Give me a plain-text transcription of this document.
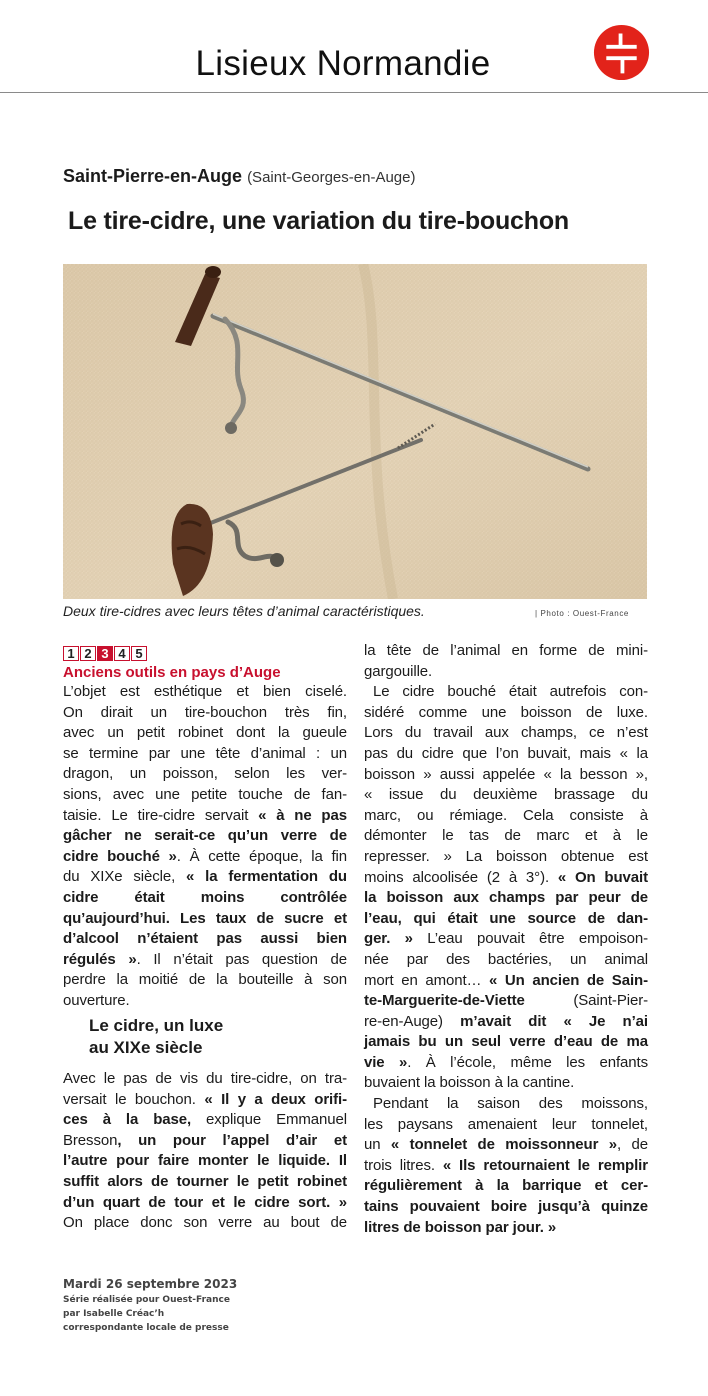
Lisieux Normandie
Saint-Pierre-en-Auge (Saint-Georges-en-Auge)
Le tire-cidre, une variation du tire-bouchon
Deux tire-cidres avec leurs têtes d’animal caractéristiques.	| Photo : Ouest-France
1 2 3 4 5
Anciens outils en pays d’Auge
L’objet est esthétique et bien ciselé.
On dirait un tire-bouchon très fin,
avec un petit robinet dont la gueule
se termine par une tête d’animal : un
dragon, un poisson, selon les ver-
sions, avec une petite touche de fan-
taisie. Le tire-cidre servait « à ne pas
gâcher ne serait-ce qu’un verre de
cidre bouché ». À cette époque, la fin
du XIXe siècle, « la fermentation du
cidre était moins contrôlée
qu’aujourd’hui. Les taux de sucre et
d’alcool n’étaient pas aussi bien
régulés ». Il n’était pas question de
perdre la moitié de la bouteille à son
ouverture.
Le cidre, un luxe
au XIXe siècle
Avec le pas de vis du tire-cidre, on tra-
versait le bouchon. « Il y a deux orifi-
ces à la base, explique Emmanuel
Bresson, un pour l’appel d’air et
l’autre pour faire monter le liquide. Il
suffit alors de tourner le petit robinet
d’un quart de tour et le cidre sort. »
On place donc son verre au bout de
la tête de l’animal en forme de mini-
gargouille.
Le cidre bouché était autrefois con-
sidéré comme une boisson de luxe.
Lors du travail aux champs, ce n’est
pas du cidre que l’on buvait, mais « la
boisson » aussi appelée « la besson »,
« issue du deuxième brassage du
marc, ou rémiage. Cela consiste à
démonter le tas de marc et à le
represser. » La boisson obtenue est
moins alcoolisée (2 à 3°). « On buvait
la boisson aux champs par peur de
l’eau, qui était une source de dan-
ger. » L’eau pouvait être empoison-
née par des bactéries, un animal
mort en amont… « Un ancien de Sain-
te-Marguerite-de-Viette (Saint-Pier-
re-en-Auge) m’avait dit « Je n’ai
jamais bu un seul verre d’eau de ma
vie ». À l’école, même les enfants
buvaient la boisson à la cantine.
Pendant la saison des moissons,
les paysans amenaient leur tonnelet,
un « tonnelet de moissonneur », de
trois litres. « Ils retournaient le remplir
régulièrement à la barrique et cer-
tains pouvaient boire jusqu’à quinze
litres de boisson par jour. »
Mardi 26 septembre 2023
Série réalisée pour Ouest-France
par Isabelle Créac’h
correspondante locale de presse
